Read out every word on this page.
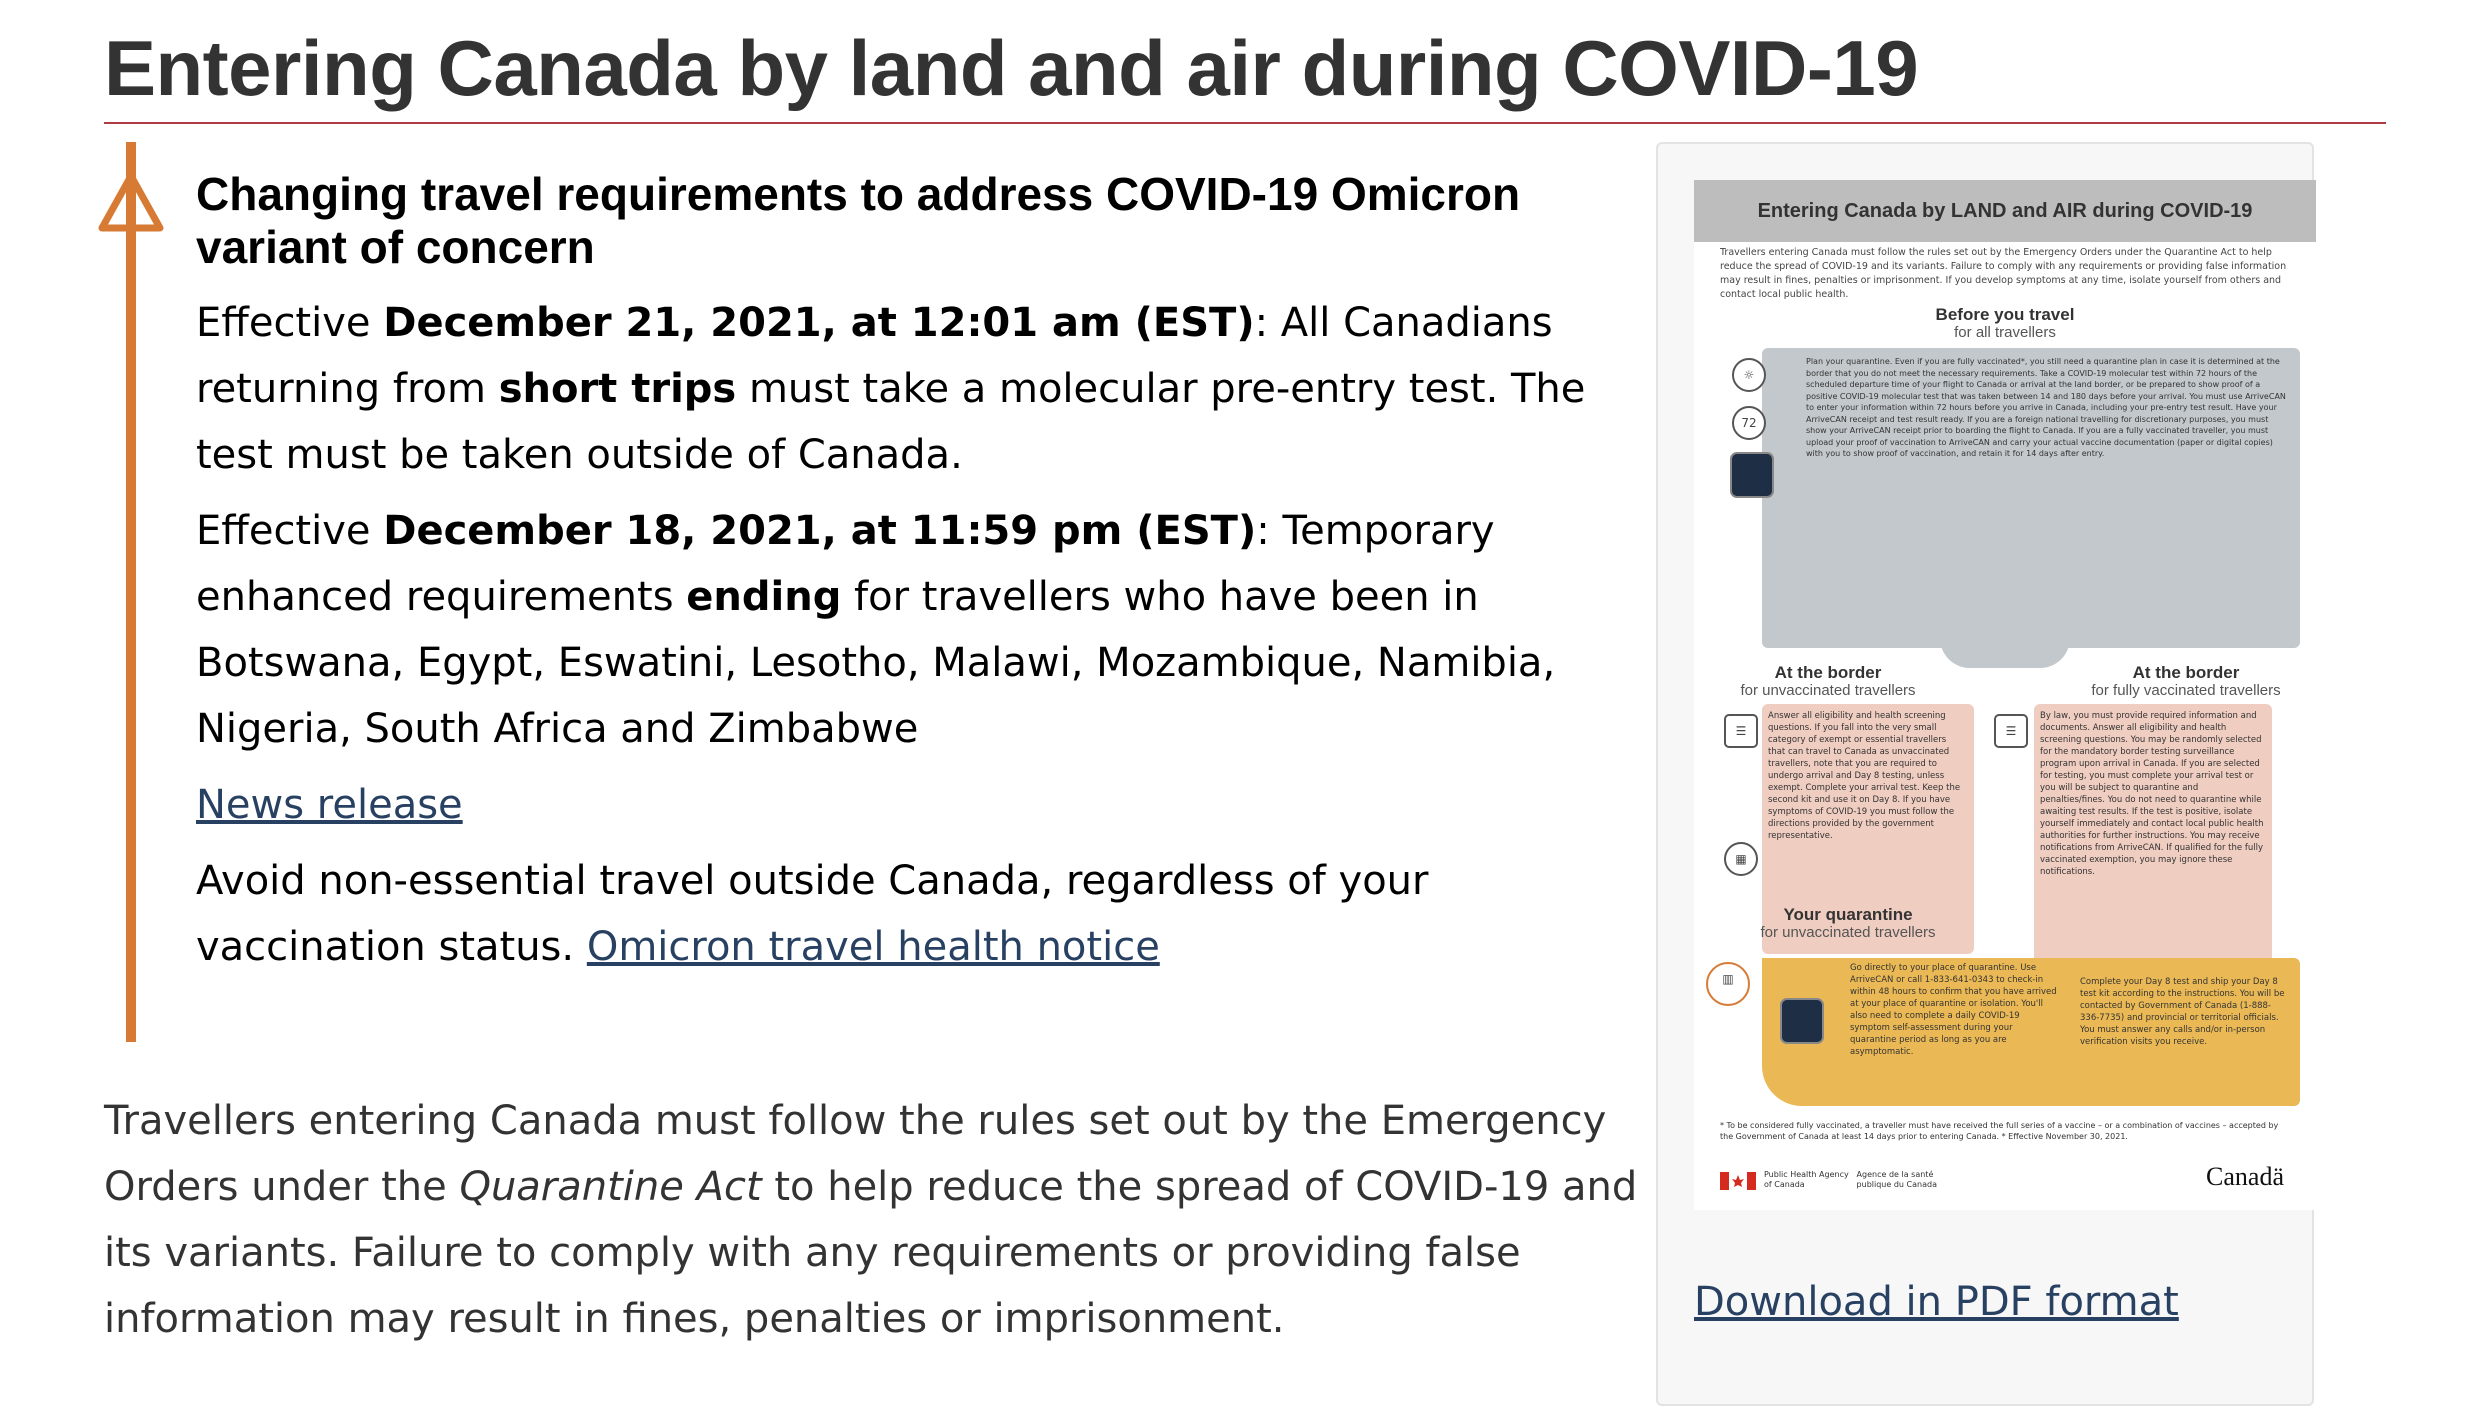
Entering Canada by land and air during COVID-19
Changing travel requirements to address COVID-19 Omicron variant of concern

Effective December 21, 2021, at 12:01 am (EST): All Canadians returning from short trips must take a molecular pre-entry test. The test must be taken outside of Canada.

Effective December 18, 2021, at 11:59 pm (EST): Temporary enhanced requirements ending for travellers who have been in Botswana, Egypt, Eswatini, Lesotho, Malawi, Mozambique, Namibia, Nigeria, South Africa and Zimbabwe

News release

Avoid non-essential travel outside Canada, regardless of your vaccination status. Omicron travel health notice

Travellers entering Canada must follow the rules set out by the Emergency Orders under the Quarantine Act to help reduce the spread of COVID-19 and its variants. Failure to comply with any requirements or providing false information may result in fines, penalties or imprisonment.

Entering Canada by LAND and AIR during COVID-19
Travellers entering Canada must follow the rules set out by the Emergency Orders under the Quarantine Act to help reduce the spread of COVID-19 and its variants. Failure to comply with any requirements or providing false information may result in fines, penalties or imprisonment. If you develop symptoms at any time, isolate yourself from others and contact local public health.
Before you travel
for all travellers
Plan your quarantine. Even if you are fully vaccinated*, you still need a quarantine plan in case it is determined at the border that you do not meet the necessary requirements. Take a COVID-19 molecular test within 72 hours of the scheduled departure time of your flight to Canada or arrival at the land border, or be prepared to show proof of a positive COVID-19 molecular test that was taken between 14 and 180 days before your arrival. You must use ArriveCAN to enter your information within 72 hours before you arrive in Canada, including your pre-entry test result. Have your ArriveCAN receipt and test result ready. If you are a foreign national travelling for discretionary purposes, you must show your ArriveCAN receipt prior to boarding the flight to Canada. If you are a fully vaccinated traveller, you must upload your proof of vaccination to ArriveCAN and carry your actual vaccine documentation (paper or digital copies) with you to show proof of vaccination, and retain it for 14 days after entry.
☼
72
At the border
for unvaccinated travellers
At the border
for fully vaccinated travellers
Answer all eligibility and health screening questions. If you fall into the very small category of exempt or essential travellers that can travel to Canada as unvaccinated travellers, note that you are required to undergo arrival and Day 8 testing, unless exempt. Complete your arrival test. Keep the second kit and use it on Day 8. If you have symptoms of COVID-19 you must follow the directions provided by the government representative.
By law, you must provide required information and documents. Answer all eligibility and health screening questions. You may be randomly selected for the mandatory border testing surveillance program upon arrival in Canada. If you are selected for testing, you must complete your arrival test or you will be subject to quarantine and penalties/fines. You do not need to quarantine while awaiting test results. If the test is positive, isolate yourself immediately and contact local public health authorities for further instructions. You may receive notifications from ArriveCAN. If qualified for the fully vaccinated exemption, you may ignore these notifications.
☰	☰
▦
Your quarantine
for unvaccinated travellers
Go directly to your place of quarantine. Use ArriveCAN or call 1-833-641-0343 to check-in within 48 hours to confirm that you have arrived at your place of quarantine or isolation. You'll also need to complete a daily COVID-19 symptom self-assessment during your quarantine period as long as you are asymptomatic.
Complete your Day 8 test and ship your Day 8 test kit according to the instructions. You will be contacted by Government of Canada (1-888-336-7735) and provincial or territorial officials. You must answer any calls and/or in-person verification visits you receive.
▥
* To be considered fully vaccinated, a traveller must have received the full series of a vaccine – or a combination of vaccines – accepted by the Government of Canada at least 14 days prior to entering Canada. * Effective November 30, 2021.
Public Health Agency of Canada Agence de la santé publique du Canada	Canadä
Download in PDF format
